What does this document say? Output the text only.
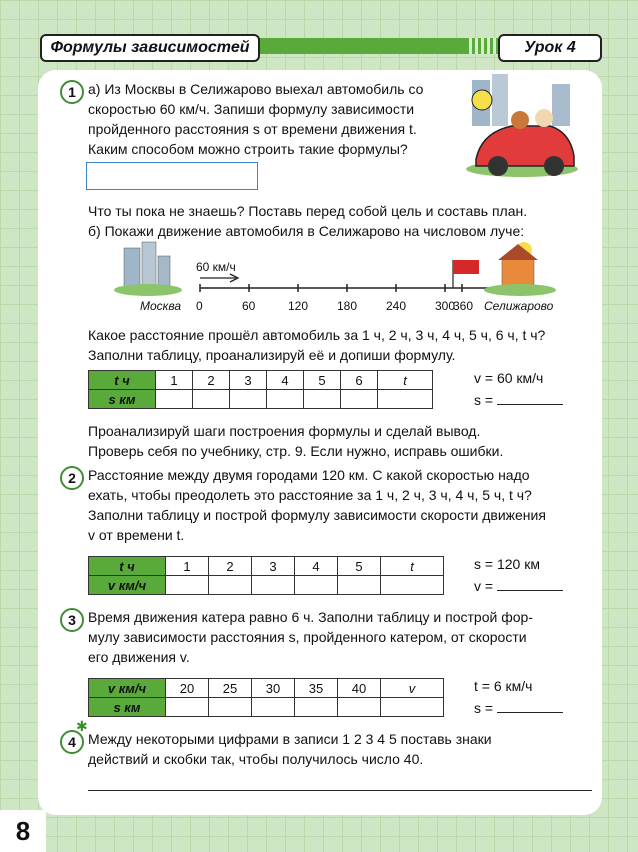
Формулы зависимостей	Урок 4
1 а) Из Москвы в Селижарово выехал автомобиль со
скоростью 60 км/ч. Запиши формулу зависимости
пройденного расстояния s от времени движения t.
Каким способом можно строить такие формулы?
Что ты пока не знаешь? Поставь перед собой цель и составь план.
б) Покажи движение автомобиля в Селижарово на числовом луче:
60 км/ч
Москва 0	60	120 180 240 300
360 Селижарово
Какое расстояние прошёл автомобиль за 1 ч, 2 ч, 3 ч, 4 ч, 5 ч, 6 ч, t ч?
Заполни таблицу, проанализируй её и допиши формулу.
t ч	1	2	3	4	5	6	t
s км							
v = 60 км/ч
s =
Проанализируй шаги построения формулы и сделай вывод.
Проверь себя по учебнику, стр. 9. Если нужно, исправь ошибки.
2 Расстояние между двумя городами 120 км. С какой скоростью надо
ехать, чтобы преодолеть это расстояние за 1 ч, 2 ч, 3 ч, 4 ч, 5 ч, t ч?
Заполни таблицу и построй формулу зависимости скорости движения
v от времени t.
t ч	1	2	3	4	5	t
v км/ч						
s = 120 км
v =
3 Время движения катера равно 6 ч. Заполни таблицу и построй фор-
мулу зависимости расстояния s, пройденного катером, от скорости
его движения v.
v км/ч	20	25	30	35	40	v
s км						
t = 6 км/ч
s =
4
✱
Между некоторыми цифрами в записи 1 2 3 4 5 поставь знаки
действий и скобки так, чтобы получилось число 40.
8
